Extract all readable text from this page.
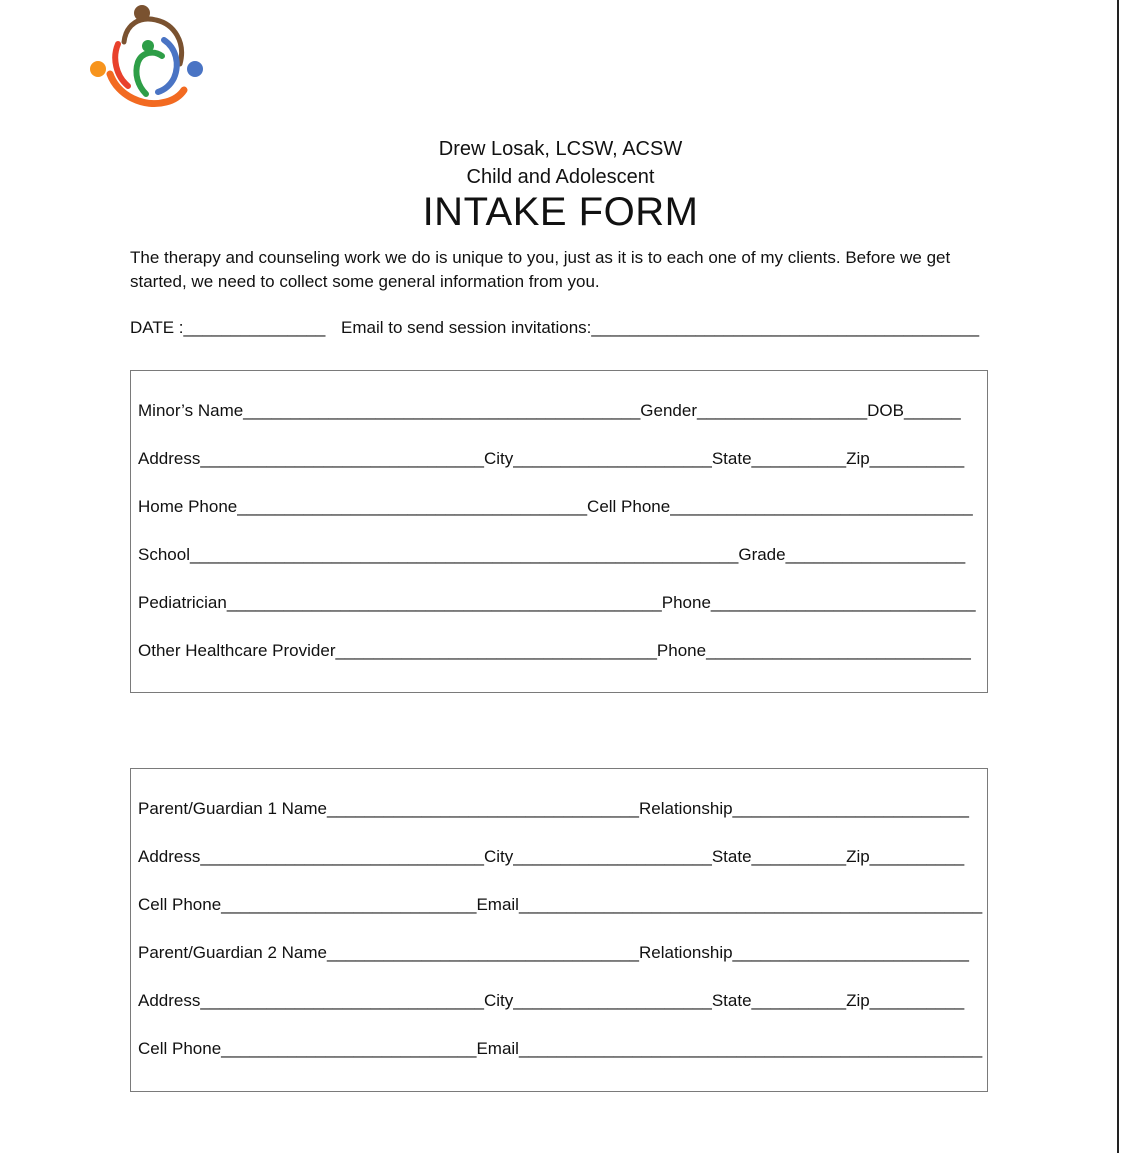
Drew Losak, LCSW, ACSW
Child and Adolescent
INTAKE FORM
The therapy and counseling work we do is unique to you, just as it is to each one of my clients. Before we get started, we need to collect some general information from you.
DATE :_______________ Email to send session invitations:_________________________________________
Minor’s Name__________________________________________Gender__________________DOB______
Address______________________________City_____________________State__________Zip__________
Home Phone_____________________________________Cell Phone________________________________
School__________________________________________________________Grade___________________
Pediatrician______________________________________________Phone____________________________
Other Healthcare Provider__________________________________Phone____________________________
Parent/Guardian 1 Name_________________________________Relationship_________________________
Address______________________________City_____________________State__________Zip__________
Cell Phone___________________________Email_________________________________________________
Parent/Guardian 2 Name_________________________________Relationship_________________________
Address______________________________City_____________________State__________Zip__________
Cell Phone___________________________Email_________________________________________________
